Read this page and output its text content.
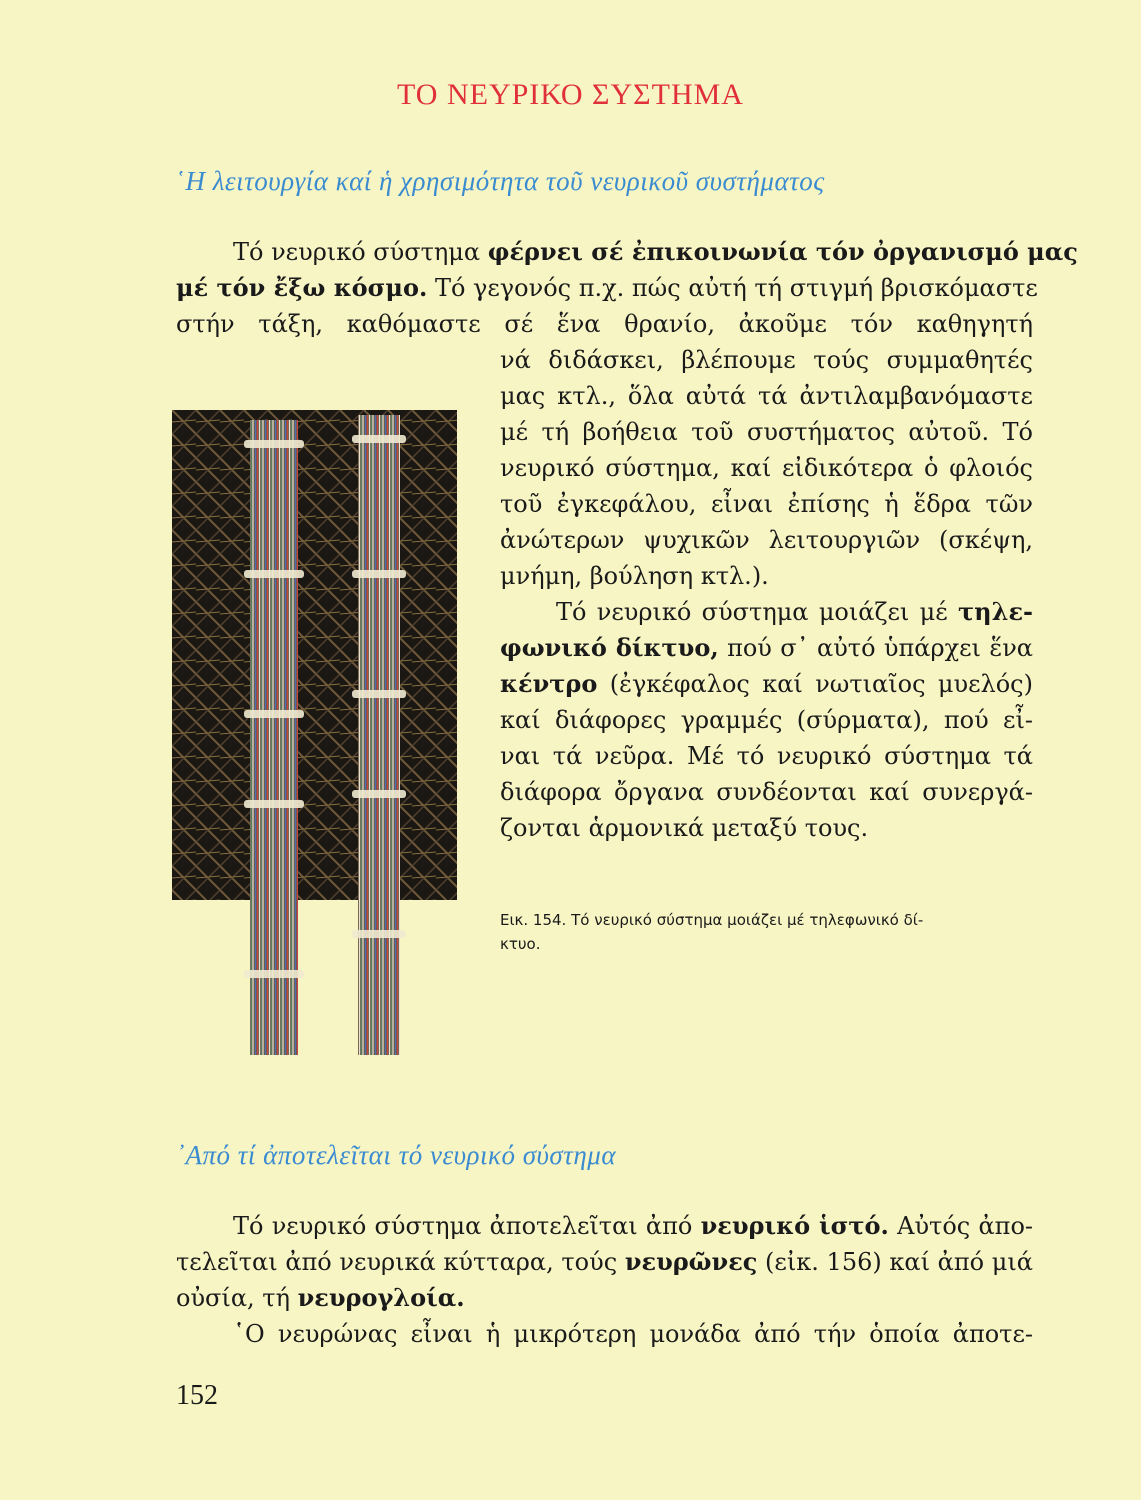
ΤΟ ΝΕΥΡΙΚΟ ΣΥΣΤΗΜΑ
῾Η λειτουργία καί ἡ χρησιμότητα τοῦ νευρικοῦ συστήματος
Τό νευρικό σύστημα φέρνει σέ ἐπικοινωνία τόν ὀργανισμό μας
μέ τόν ἔξω κόσμο. Τό γεγονός π.χ. πώς αὐτή τή στιγμή βρισκόμαστε
στήν τάξη, καθόμαστε σέ ἕνα θρανίο, ἀκοῦμε τόν καθηγητή
νά διδάσκει, βλέπουμε τούς συμμαθητές
μας κτλ., ὅλα αὐτά τά ἀντιλαμβανόμαστε
μέ τή βοήθεια τοῦ συστήματος αὐτοῦ. Τό
νευρικό σύστημα, καί εἰδικότερα ὁ φλοιός
τοῦ ἐγκεφάλου, εἶναι ἐπίσης ἡ ἕδρα τῶν
ἀνώτερων ψυχικῶν λειτουργιῶν (σκέψη,
μνήμη, βούληση κτλ.).
Τό νευρικό σύστημα μοιάζει μέ τηλε-
φωνικό δίκτυο, πού σ᾿ αὐτό ὑπάρχει ἕνα
κέντρο (ἐγκέφαλος καί νωτιαῖος μυελός)
καί διάφορες γραμμές (σύρματα), πού εἶ-
ναι τά νεῦρα. Μέ τό νευρικό σύστημα τά
διάφορα ὄργανα συνδέονται καί συνεργά-
ζονται ἁρμονικά μεταξύ τους.
Εικ. 154. Τό νευρικό σύστημα μοιάζει μέ τηλεφωνικό δί-
κτυο.
᾿Από τί ἀποτελεῖται τό νευρικό σύστημα
Τό νευρικό σύστημα ἀποτελεῖται ἀπό νευρικό ἱστό. Αὐτός ἀπο-
τελεῖται ἀπό νευρικά κύτταρα, τούς νευρῶνες (εἰκ. 156) καί ἀπό μιά
οὐσία, τή νευρογλοία.
῾Ο νευρώνας εἶναι ἡ μικρότερη μονάδα ἀπό τήν ὁποία ἀποτε-
152
